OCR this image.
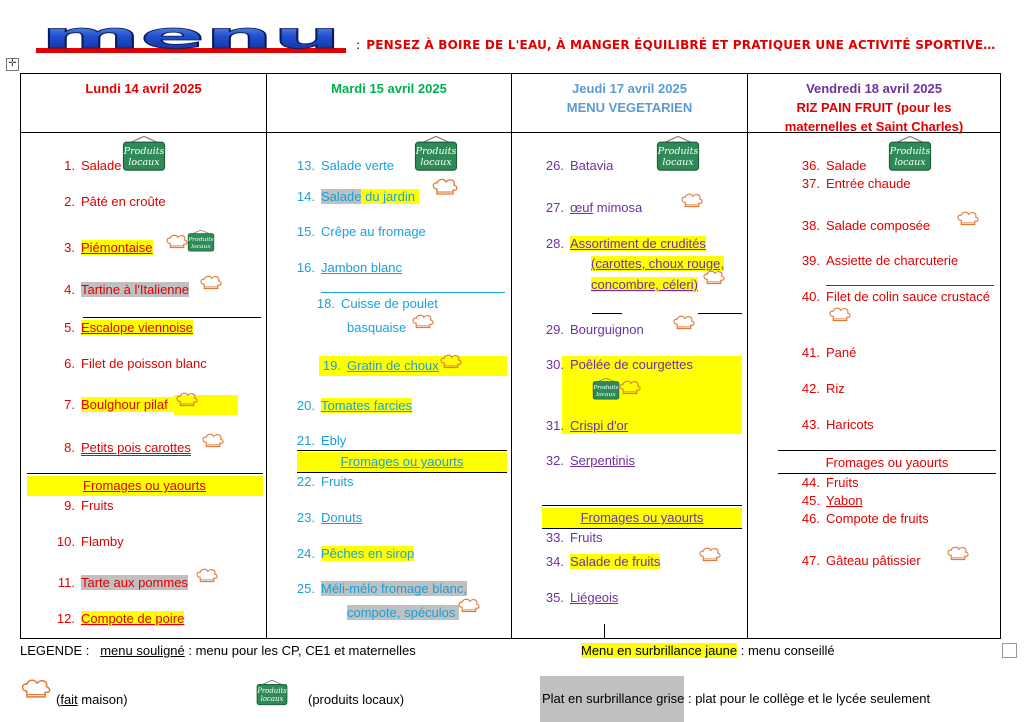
menu : PENSEZ À BOIRE DE L'EAU, À MANGER ÉQUILIBRÉ ET PRATIQUER UNE ACTIVITÉ SPORTIVE…
✛
Lundi 14 avril 2025
1. Salade
2. Pâté en croûte
3. Piémontaise
4. Tartine à l'Italienne
5. Escalope viennoise
6. Filet de poisson blanc
7. Boulghour pilaf
8. Petits pois carottes
Fromages ou yaourts
9. Fruits
10. Flamby
11. Tarte aux pommes
12. Compote de poire
Mardi 15 avril 2025
13. Salade verte
14. Salade du jardin
15. Crêpe au fromage
16. Jambon blanc
18. Cuisse de poulet
basquaise
19. Gratin de choux
20. Tomates farcies
21. Ebly
Fromages ou yaourts
22. Fruits
23. Donuts
24. Pêches en sirop
25. Méli-mélo fromage blanc,
compote, spéculos
Jeudi 17 avril 2025
MENU VEGETARIEN
26. Batavia
27. œuf mimosa
28. Assortiment de crudités
(carottes, choux rouge,
concombre, céleri)
29. Bourguignon
30. Poêlée de courgettes
31. Crispi d'or
32. Serpentinis
Fromages ou yaourts
33. Fruits
34. Salade de fruits
35. Liégeois
Vendredi 18 avril 2025
RIZ PAIN FRUIT (pour les
maternelles et Saint Charles)
36. Salade
37. Entrée chaude
38. Salade composée
39. Assiette de charcuterie
40. Filet de colin sauce crustacé
41. Pané
42. Riz
43. Haricots
Fromages ou yaourts
44. Fruits
45. Yabon
46. Compote de fruits
47. Gâteau pâtissier
LEGENDE : menu souligné : menu pour les CP, CE1 et maternelles	Menu en surbrillance jaune : menu conseillé
(fait maison)	(produits locaux)	Plat en surbrillance grise : plat pour le collège et le lycée seulement
